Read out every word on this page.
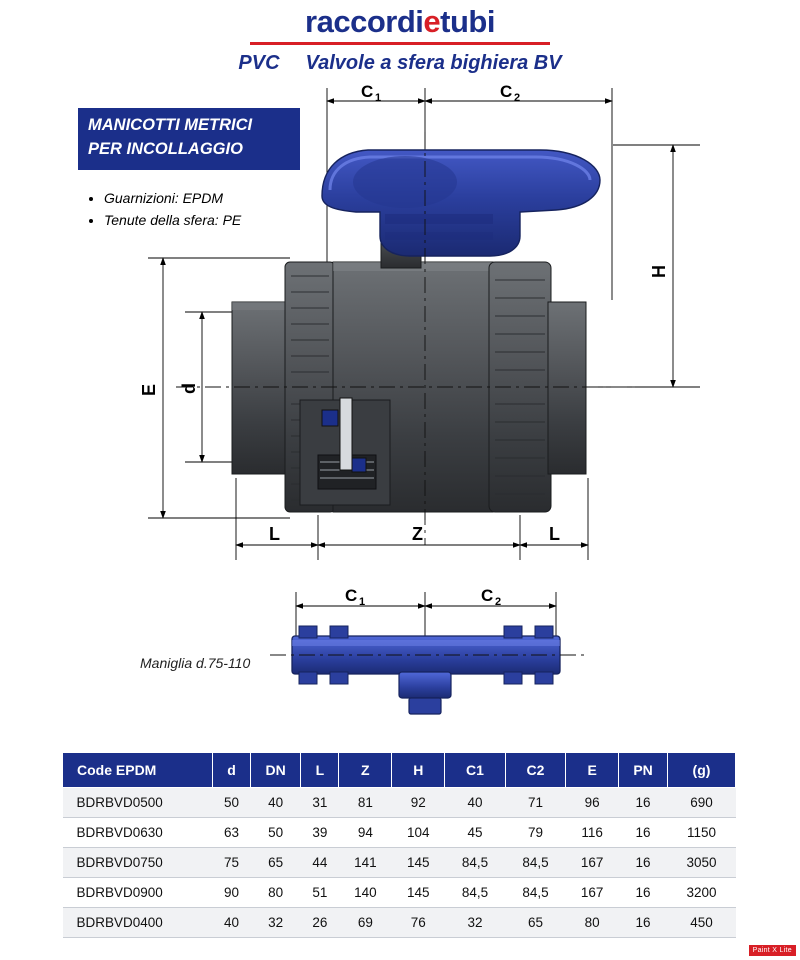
raccordietubi
PVC Valvole a sfera bighiera BV
MANICOTTI METRICI
PER INCOLLAGGIO
• Guarnizioni: EPDM
• Tenute della sfera: PE
Maniglia d.75-110
C 1	C 2
H
E d
L	Z	L
C 1	C 2
Code EPDM	d	DN	L	Z	H	C1	C2	E	PN	(g)
BDRBVD0500	50	40	31	81	92	40	71	96	16	690
BDRBVD0630	63	50	39	94	104	45	79	116	16	1150
BDRBVD0750	75	65	44	141	145	84,5	84,5	167	16	3050
BDRBVD0900	90	80	51	140	145	84,5	84,5	167	16	3200
BDRBVD0400	40	32	26	69	76	32	65	80	16	450
Paint X Lite
